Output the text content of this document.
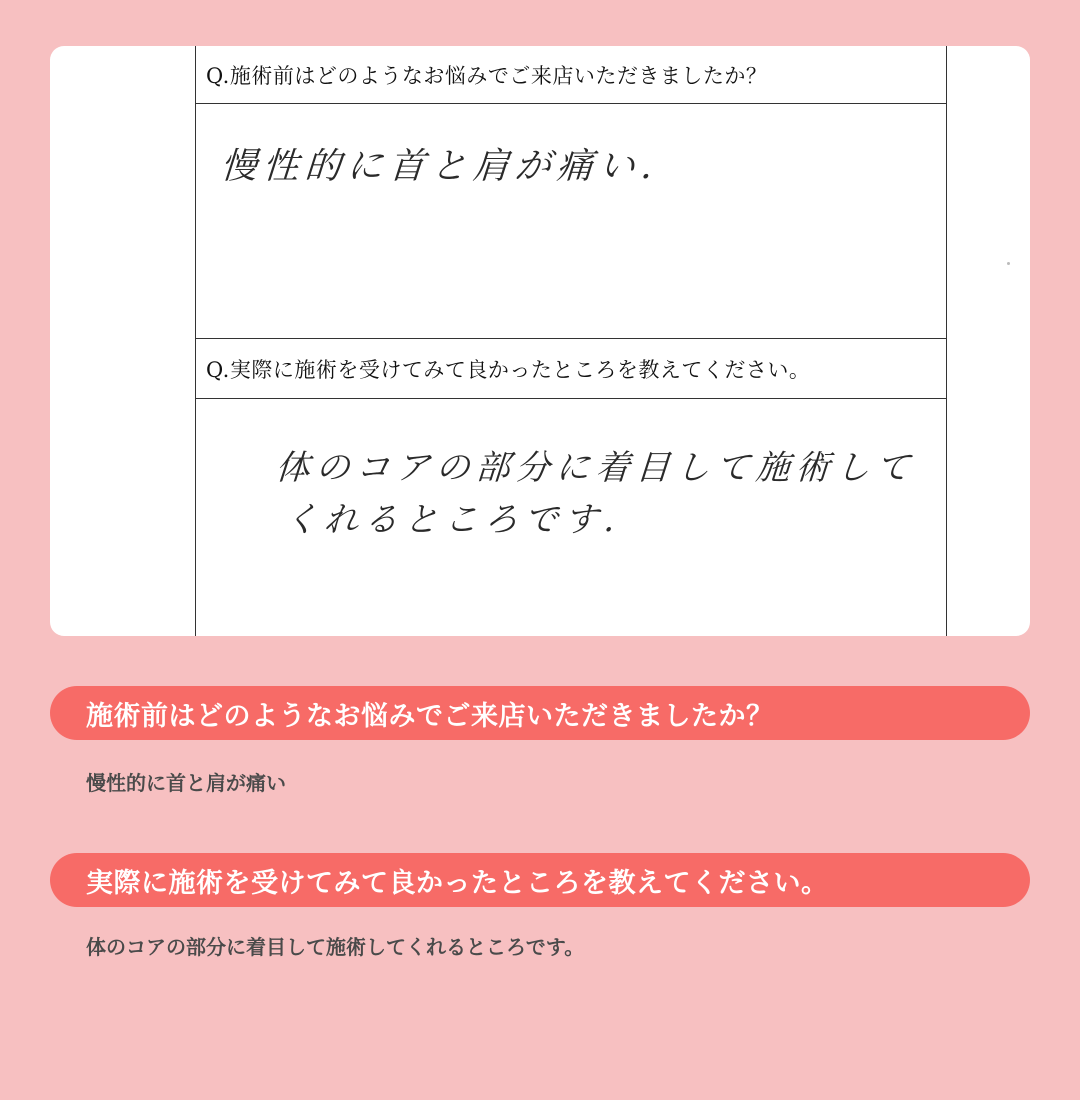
Q.施術前はどのようなお悩みでご来店いただきましたか？
慢性的に首と肩が痛い.
Q.実際に施術を受けてみて良かったところを教えてください。
体のコアの部分に着目して施術して
くれるところです.
施術前はどのようなお悩みでご来店いただきましたか？
慢性的に首と肩が痛い
実際に施術を受けてみて良かったところを教えてください。
体のコアの部分に着目して施術してくれるところです。
